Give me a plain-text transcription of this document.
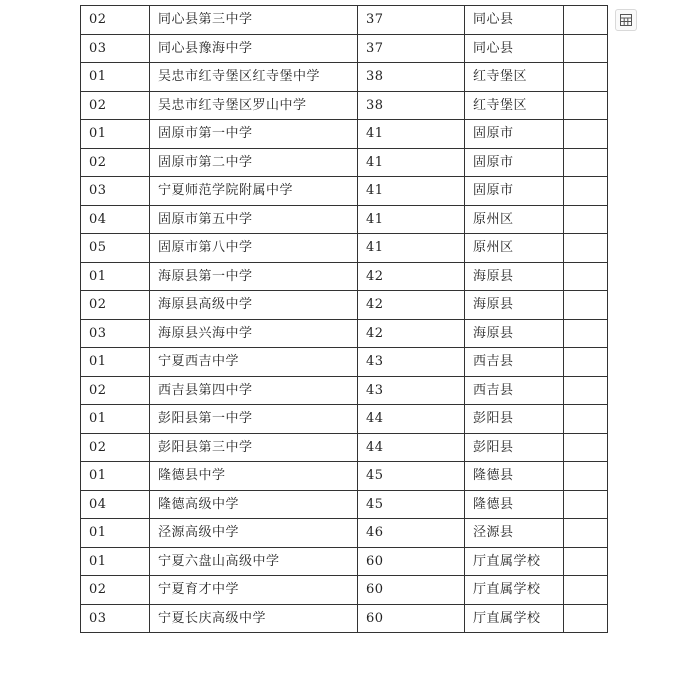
02	同心县第三中学	37	同心县	
03	同心县豫海中学	37	同心县	
01	吴忠市红寺堡区红寺堡中学	38	红寺堡区	
02	吴忠市红寺堡区罗山中学	38	红寺堡区	
01	固原市第一中学	41	固原市	
02	固原市第二中学	41	固原市	
03	宁夏师范学院附属中学	41	固原市	
04	固原市第五中学	41	原州区	
05	固原市第八中学	41	原州区	
01	海原县第一中学	42	海原县	
02	海原县高级中学	42	海原县	
03	海原县兴海中学	42	海原县	
01	宁夏西吉中学	43	西吉县	
02	西吉县第四中学	43	西吉县	
01	彭阳县第一中学	44	彭阳县	
02	彭阳县第三中学	44	彭阳县	
01	隆德县中学	45	隆德县	
04	隆德高级中学	45	隆德县	
01	泾源高级中学	46	泾源县	
01	宁夏六盘山高级中学	60	厅直属学校	
02	宁夏育才中学	60	厅直属学校	
03	宁夏长庆高级中学	60	厅直属学校	
